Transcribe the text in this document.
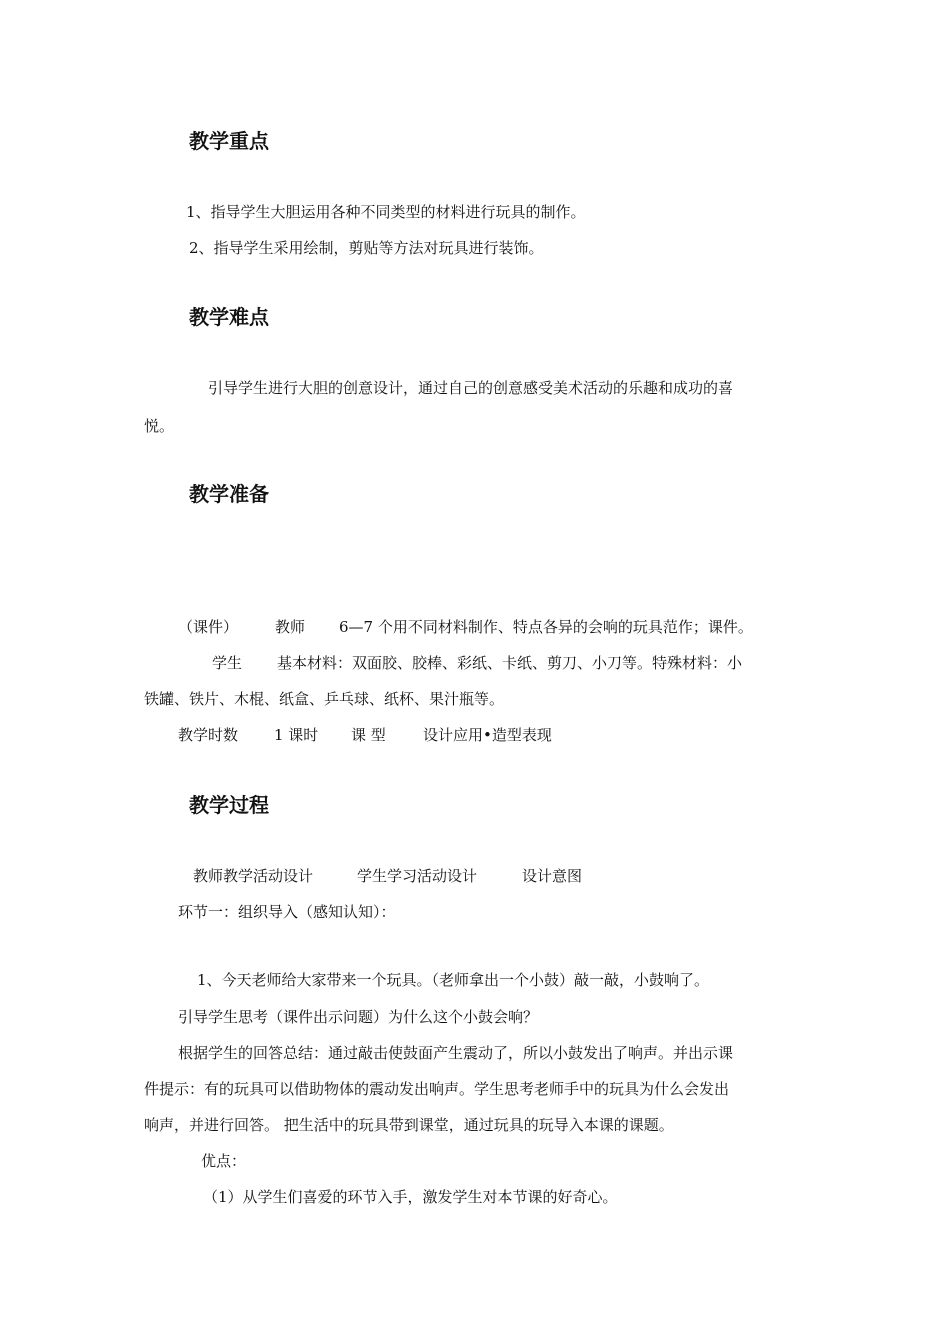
教学重点
1、指导学生大胆运用各种不同类型的材料进行玩具的制作。
2、指导学生采用绘制，剪贴等方法对玩具进行装饰。
教学难点
引导学生进行大胆的创意设计，通过自己的创意感受美术活动的乐趣和成功的喜
悦。
教学准备
（课件） 教师 6—7 个用不同材料制作、特点各异的会响的玩具范作；课件。
学生 基本材料：双面胶、胶棒、彩纸、卡纸、剪刀、小刀等。特殊材料：小
铁罐、铁片、木棍、纸盒、乒乓球、纸杯、果汁瓶等。
教学时数 1 课时 课 型 设计应用•造型表现
教学过程
教师教学活动设计	学生学习活动设计	设计意图
环节一：组织导入（感知认知）：
1、今天老师给大家带来一个玩具。（老师拿出一个小鼓）敲一敲，小鼓响了。
引导学生思考（课件出示问题）为什么这个小鼓会响？
根据学生的回答总结：通过敲击使鼓面产生震动了，所以小鼓发出了响声。并出示课
件提示：有的玩具可以借助物体的震动发出响声。学生思考老师手中的玩具为什么会发出
响声，并进行回答。 把生活中的玩具带到课堂，通过玩具的玩导入本课的课题。
优点：
（1）从学生们喜爱的环节入手，激发学生对本节课的好奇心。
